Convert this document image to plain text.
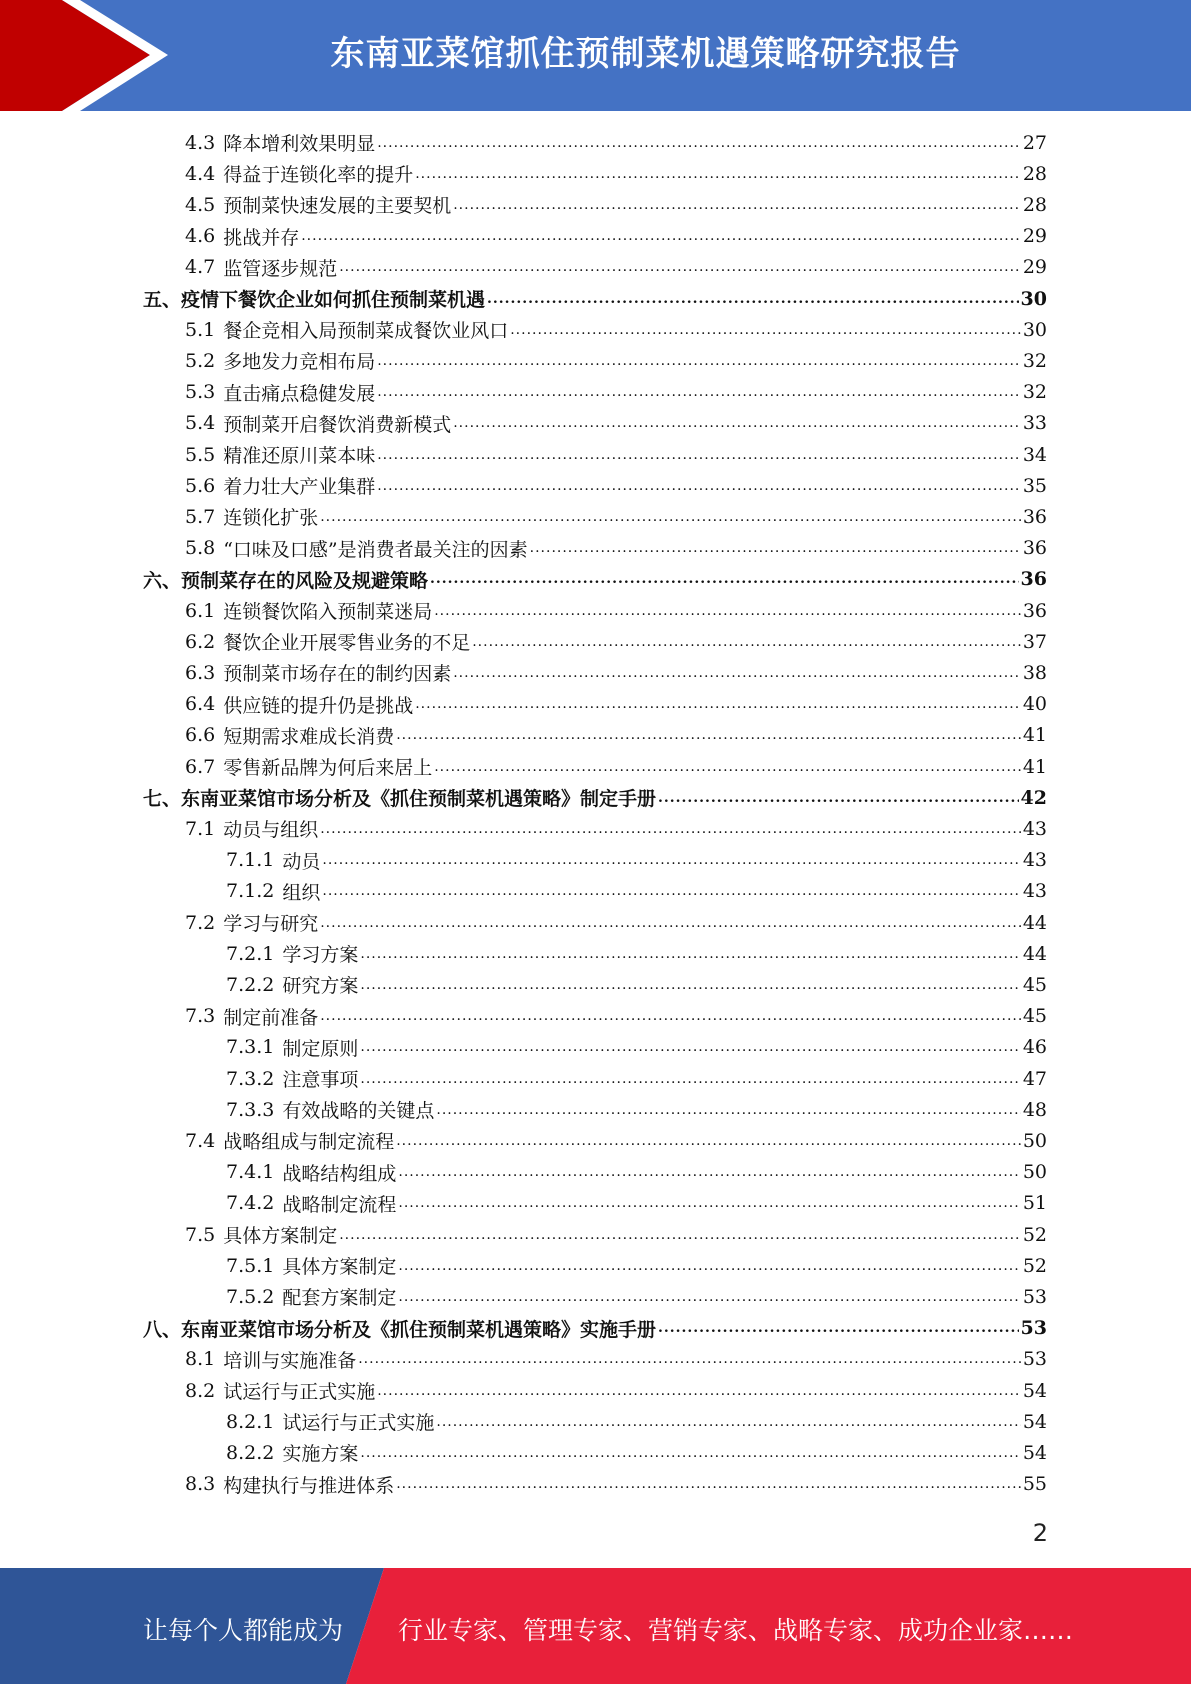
东南亚菜馆抓住预制菜机遇策略研究报告
4.3 降本增利效果明显 .....	27
4.4 得益于连锁化率的提升 .....	28
4.5 预制菜快速发展的主要契机 .....	28
4.6 挑战并存 .....	29
4.7 监管逐步规范 .....	29
五、疫情下餐饮企业如何抓住预制菜机遇 .....	30
5.1 餐企竞相入局预制菜成餐饮业风口 .....	30
5.2 多地发力竞相布局 .....	32
5.3 直击痛点稳健发展 .....	32
5.4 预制菜开启餐饮消费新模式 .....	33
5.5 精准还原川菜本味 .....	34
5.6 着力壮大产业集群 .....	35
5.7 连锁化扩张 .....	36
5.8 “口味及口感”是消费者最关注的因素 .....	36
六、预制菜存在的风险及规避策略 .....	36
6.1 连锁餐饮陷入预制菜迷局 .....	36
6.2 餐饮企业开展零售业务的不足 .....	37
6.3 预制菜市场存在的制约因素 .....	38
6.4 供应链的提升仍是挑战 .....	40
6.6 短期需求难成长消费 .....	41
6.7 零售新品牌为何后来居上 .....	41
七、东南亚菜馆市场分析及《抓住预制菜机遇策略》制定手册 .....	42
7.1 动员与组织 .....	43
7.1.1 动员 .....	43
7.1.2 组织 .....	43
7.2 学习与研究 .....	44
7.2.1 学习方案 .....	44
7.2.2 研究方案 .....	45
7.3 制定前准备 .....	45
7.3.1 制定原则 .....	46
7.3.2 注意事项 .....	47
7.3.3 有效战略的关键点 .....	48
7.4 战略组成与制定流程 .....	50
7.4.1 战略结构组成 .....	50
7.4.2 战略制定流程 .....	51
7.5 具体方案制定 .....	52
7.5.1 具体方案制定 .....	52
7.5.2 配套方案制定 .....	53
八、东南亚菜馆市场分析及《抓住预制菜机遇策略》实施手册 .....	53
8.1 培训与实施准备 .....	53
8.2 试运行与正式实施 .....	54
8.2.1 试运行与正式实施 .....	54
8.2.2 实施方案 .....	54
8.3 构建执行与推进体系 .....	55
2
让每个人都能成为 行业专家、管理专家、营销专家、战略专家、成功企业家……
